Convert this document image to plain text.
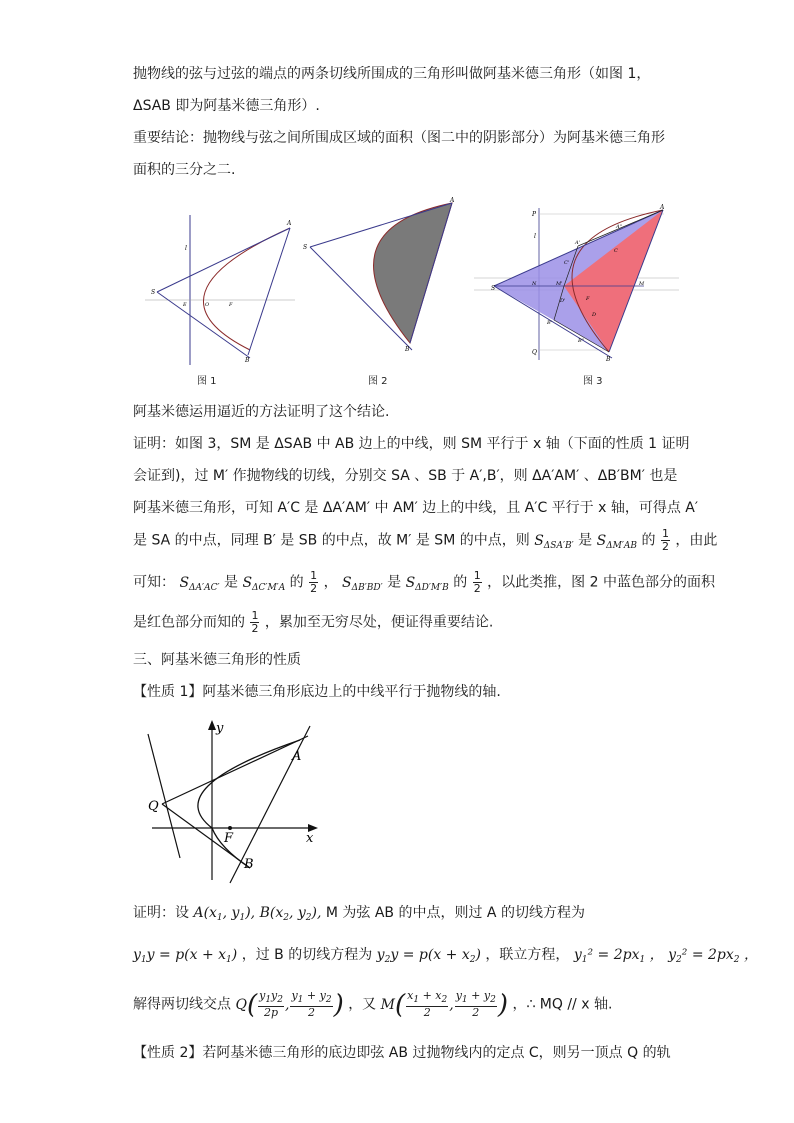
抛物线的弦与过弦的端点的两条切线所围成的三角形叫做阿基米德三角形（如图 1，
ΔSAB 即为阿基米德三角形）.
重要结论：抛物线与弦之间所围成区域的面积（图二中的阴影部分）为阿基米德三角形
面积的三分之二.
A
B
S
E	O	F
l
图 1
A
B
S
图 2
A
B
S
P
Q
l
N	M
M'
A'
B'
C
C'
D
D'
A''
B''
F
图 3
阿基米德运用逼近的方法证明了这个结论.
证明：如图 3，SM 是 ΔSAB 中 AB 边上的中线，则 SM 平行于 x 轴（下面的性质 1 证明
会证到)，过 M′ 作抛物线的切线，分别交 SA 、SB 于 A′,B′，则 ΔA′AM′ 、ΔB′BM′ 也是
阿基米德三角形，可知 A′C 是 ΔA′AM′ 中 AM′ 边上的中线，且 A′C 平行于 x 轴，可得点 A′
是 SA 的中点，同理 B′ 是 SB 的中点，故 M′ 是 SM 的中点，则 $S_{\Delta SA'B'}$ 是 $S_{\Delta M'AB}$ 的 $\frac{1}{2}$ ，由此
可知： $S_{\Delta A'AC'}$ 是 $S_{\Delta C'M'A}$ 的 $\frac{1}{2}$ ， $S_{\Delta B'BD'}$ 是 $S_{\Delta D'M'B}$ 的 $\frac{1}{2}$ ，以此类推，图 2 中蓝色部分的面积
是红色部分而知的 $\frac{1}{2}$ ，累加至无穷尽处，便证得重要结论.
三、阿基米德三角形的性质
【性质 1】阿基米德三角形底边上的中线平行于抛物线的轴.
y
x
A
B
Q
F
证明：设 $A(x_1$, $y_1$), $B(x_2$, $y_2$), M 为弦 AB 的中点，则过 A 的切线方程为
$y_1y = p(x + x_1)$ ，过 B 的切线方程为 $y_2y = p(x + x_2)$ ，联立方程， $y_1^2 = 2px_1$ ， $y_2^2 = 2px_2$ ，
解得两切线交点 $Q( \frac{y_1y_2}{2p}$ , $\frac{y_1 + y_2}{2}$ ) ，又 $M( \frac{x_1 + x_2}{2}$ , $\frac{y_1 + y_2}{2}$ ) ，∴ MQ // x 轴.
【性质 2】若阿基米德三角形的底边即弦 AB 过抛物线内的定点 C，则另一顶点 Q 的轨
